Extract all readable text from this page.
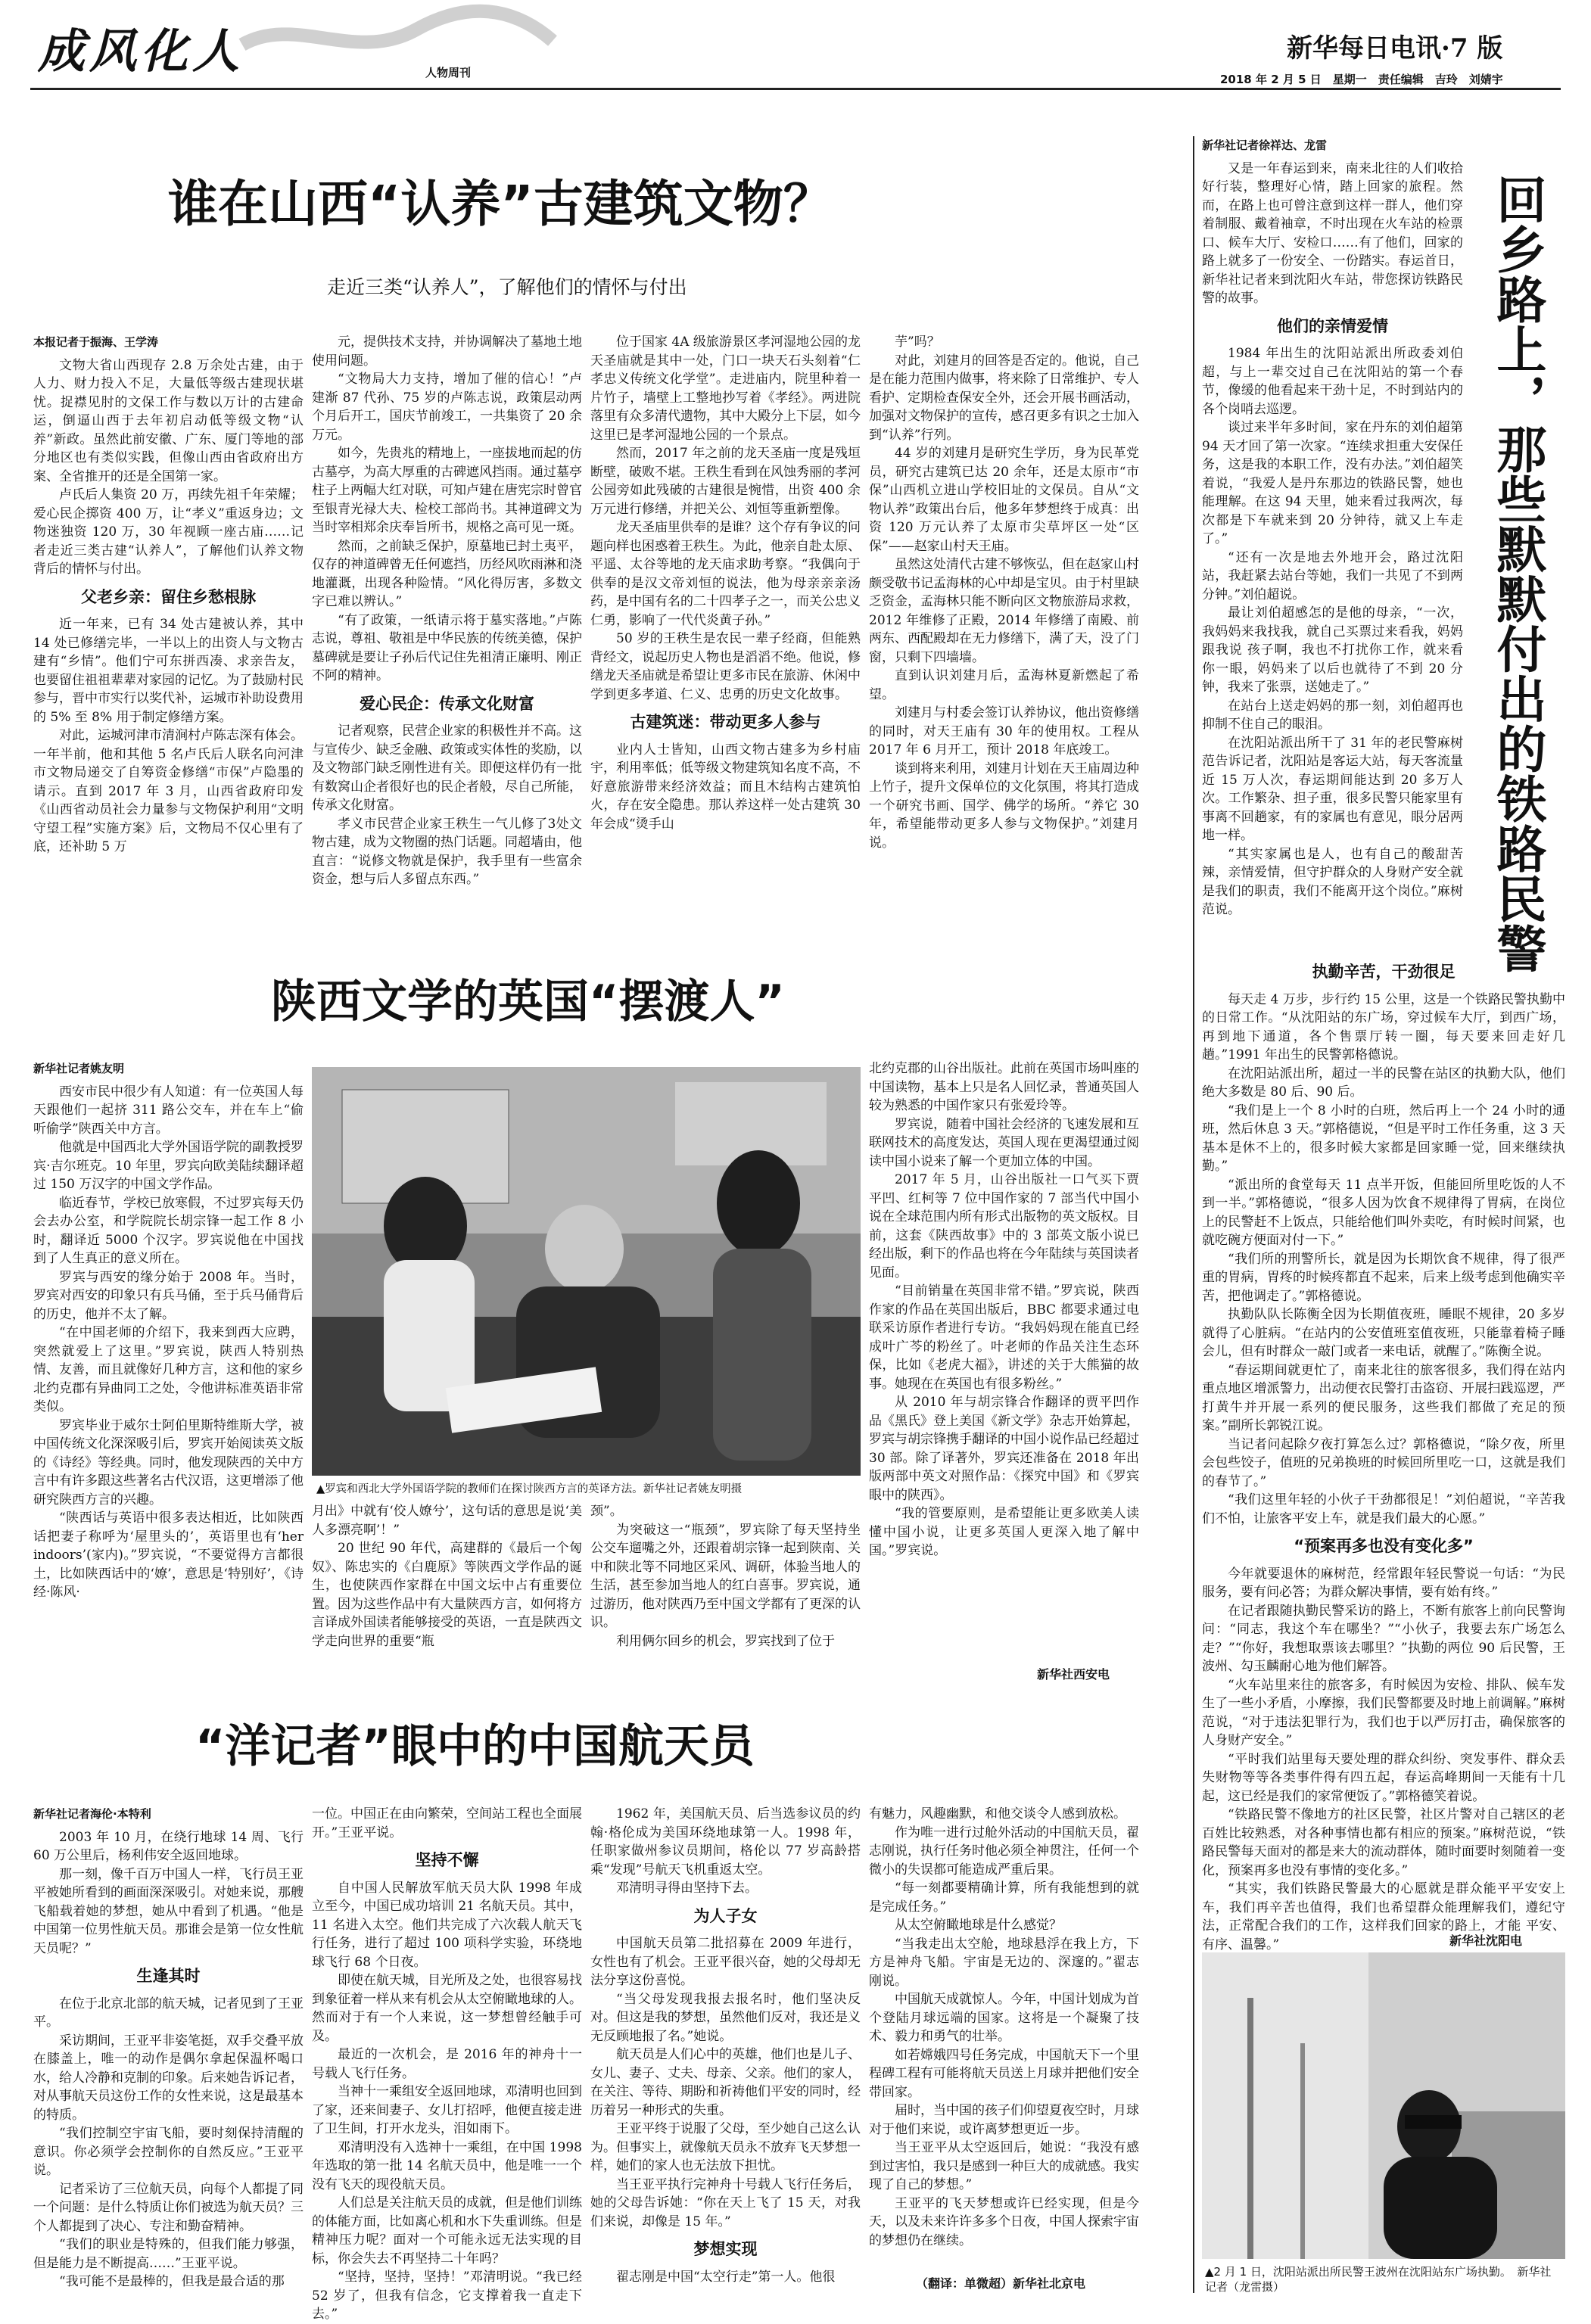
成风化人	人物周刊
新华每日电讯·7 版
2018 年 2 月 5 日　星期一　责任编辑　吉玲　刘婧宇
谁在山西“认养”古建筑文物？
走近三类“认养人”，了解他们的情怀与付出

本报记者于振海、王学涛

文物大省山西现存 2.8 万余处古建，由于人力、财力投入不足，大量低等级古建现状堪忧。捉襟见肘的文保工作与数以万计的古建命运，倒逼山西于去年初启动低等级文物“认养”新政。虽然此前安徽、广东、厦门等地的部分地区也有类似实践，但像山西由省政府出方案、全省推开的还是全国第一家。

卢氏后人集资 20 万，再续先祖千年荣耀；爱心民企掷资 400 万，让“孝义”重返身边；文物迷独资 120 万，30 年视顾一座古庙……记者走近三类古建“认养人”，了解他们认养文物背后的情怀与付出。

父老乡亲：留住乡愁根脉

近一年来，已有 34 处古建被认养，其中 14 处已修缮完毕，一半以上的出资人与文物古建有“乡情”。他们宁可东拼西凑、求亲告友，也要留住祖祖辈辈对家园的记忆。为了鼓励村民参与，晋中市实行以奖代补，运城市补助设费用的 5% 至 8% 用于制定修缮方案。

对此，运城河津市清涧村卢陈志深有体会。一年半前，他和其他 5 名卢氏后人联名向河津市文物局递交了自筹资金修缮“市保”卢隐墨的请示。直到 2017 年 3 月，山西省政府印发《山西省动员社会力量参与文物保护利用“文明守望工程”实施方案》后，文物局不仅心里有了底，还补助 5 万

元，提供技术支持，并协调解决了墓地土地使用问题。

“文物局大力支持，增加了催的信心！”卢建渐 87 代孙、75 岁的卢陈志说，政策层动两个月后开工，国庆节前竣工，一共集资了 20 余万元。

如今，先贵兆的精地上，一座拔地而起的仿古墓亭，为高大厚重的古碑遮风挡雨。通过墓亭柱子上两幅大红对联，可知卢建在唐宪宗时曾官至银青光禄大夫、检校工部尚书。其神道碑文为当时宰相郑余庆奉旨所书，规格之高可见一斑。

然而，之前缺乏保护，原墓地已封土夷平，仅存的神道碑曾无任何遮挡，历经风吹雨淋和浇地灌溉，出现各种险情。“风化得厉害，多数文字已难以辨认。”

“有了政策，一纸请示将于墓实落地。”卢陈志说，尊祖、敬祖是中华民族的传统美德，保护墓碑就是要让子孙后代记住先祖清正廉明、刚正不阿的精神。

爱心民企：传承文化财富

记者观察，民营企业家的积极性并不高。这与宣传少、缺乏金融、政策或实体性的奖励，以及文物部门缺乏刚性进有关。即便这样仍有一批有数窝山企者很好也的民企者般，尽自己所能，传承文化财富。

孝义市民营企业家王秩生一气儿修了3处文物古建，成为文物圈的热门话题。同超墙由，他直言：“说修文物就是保护，我手里有一些富余资金，想与后人多留点东西。”

位于国家 4A 级旅游景区孝河湿地公园的龙天圣庙就是其中一处，门口一块天石头刻着“仁孝忠义传统文化学堂”。走进庙内，院里种着一片竹子，墙壁上工整地抄写着《孝经》。两进院落里有众多清代遗物，其中大殿分上下层，如今这里已是孝河湿地公园的一个景点。

然而，2017 年之前的龙天圣庙一度是残垣断壁，破败不堪。王秩生看到在风蚀秀丽的孝河公园旁如此残破的古建很是惋惜，出资 400 余万元进行修缮，并把关公、刘恒等重新塑像。

龙天圣庙里供奉的是谁？这个存有争议的问题向样也困惑着王秩生。为此，他亲自赴太原、平遥、太谷等地的龙天庙求助考察。“我偶向于供奉的是汉文帝刘恒的说法，他为母亲亲亲汤药，是中国有名的二十四孝子之一，而关公忠义仁勇，影响了一代代炎黄子孙。”

50 岁的王秩生是农民一辈子经商，但能熟背经文，说起历史人物也是滔滔不绝。他说，修缮龙天圣庙就是希望让更多市民在旅游、休闲中学到更多孝道、仁义、忠勇的历史文化故事。

古建筑迷：带动更多人参与

业内人士皆知，山西文物古建多为乡村庙宇，利用率低；低等级文物建筑知名度不高，不好意旅游带来经济效益；而且木结构古建筑怕火，存在安全隐患。那认养这样一处古建筑 30 年会成“烫手山

芋”吗？

对此，刘建月的回答是否定的。他说，自己是在能力范围内做事，将来除了日常维护、专人看护、定期检查保安全外，还会开展书画活动，加强对文物保护的宣传，感召更多有识之士加入到“认养”行列。

44 岁的刘建月是研究生学历，身为民革党员，研究古建筑已达 20 余年，还是太原市“市保”山西机立进山学校旧址的文保员。自从“文物认养”政策出台后，他多年梦想终于成真：出资 120 万元认养了太原市尖草坪区一处“区保”——赵家山村天王庙。

虽然这处清代古建不够恢弘，但在赵家山村颇受敬书记孟海林的心中却是宝贝。由于村里缺乏资金，孟海林只能不断向区文物旅游局求救，2012 年维修了正殿，2014 年修缮了南殿、前两东、西配殿却在无力修缮下，满了天，没了门窗，只剩下四墙墙。

直到认识刘建月后，孟海林夏新燃起了希望。

刘建月与村委会签订认养协议，他出资修缮的同时，对天王庙有 30 年的使用权。工程从 2017 年 6 月开工，预计 2018 年底竣工。

谈到将来利用，刘建月计划在天王庙周边种上竹子，提升文保单位的文化氛围，将其打造成一个研究书画、国学、佛学的场所。“养它 30 年，希望能带动更多人参与文物保护。”刘建月说。

陕西文学的英国“摆渡人”

新华社记者姚友明

西安市民中很少有人知道：有一位英国人每天跟他们一起挤 311 路公交车，并在车上“偷听偷学”陕西关中方言。

他就是中国西北大学外国语学院的副教授罗宾·吉尔班克。10 年里，罗宾向欧美陆续翻译超过 150 万汉字的中国文学作品。

临近春节，学校已放寒假，不过罗宾每天仍会去办公室，和学院院长胡宗锋一起工作 8 小时，翻译近 5000 个汉字。罗宾说他在中国找到了人生真正的意义所在。

罗宾与西安的缘分始于 2008 年。当时，罗宾对西安的印象只有兵马俑，至于兵马俑背后的历史，他并不太了解。

“在中国老师的介绍下，我来到西大应聘，突然就爱上了这里。”罗宾说，陕西人特别热情、友善，而且就像好几种方言，这和他的家乡北约克郡有异曲同工之处，令他讲标准英语非常类似。

罗宾毕业于威尔士阿伯里斯特维斯大学，被中国传统文化深深吸引后，罗宾开始阅读英文版的《诗经》等经典。同时，他发现陕西的关中方言中有许多跟这些著名古代汉语，这更增添了他研究陕西方言的兴趣。

“陕西话与英语中很多表达相近，比如陕西话把妻子称呼为‘屋里头的’，英语里也有‘her indoors’(家内)。”罗宾说，“不要觉得方言都很土，比如陕西话中的‘嫽’，意思是‘特别好’，《诗经·陈风·

▲罗宾和西北大学外国语学院的教师们在探讨陕西方言的英译方法。新华社记者姚友明摄

月出》中就有‘佼人嫽兮’，这句话的意思是说‘美人多漂亮啊’！”

20 世纪 90 年代，高建群的《最后一个匈奴》、陈忠实的《白鹿原》等陕西文学作品的诞生，也使陕西作家群在中国文坛中占有重要位置。因为这些作品中有大量陕西方言，如何将方言译成外国读者能够接受的英语，一直是陕西文学走向世界的重要“瓶

颈”。

为突破这一“瓶颈”，罗宾除了每天坚持坐公交车遛嘴之外，还跟着胡宗锋一起到陕南、关中和陕北等不同地区采风、调研，体验当地人的生活，甚至参加当地人的红白喜事。罗宾说，通过游历，他对陕西乃至中国文学都有了更深的认识。

利用俩尔回乡的机会，罗宾找到了位于

北约克郡的山谷出版社。此前在英国市场叫座的中国读物，基本上只是名人回忆录，普通英国人较为熟悉的中国作家只有张爱玲等。

罗宾说，随着中国社会经济的飞速发展和互联网技术的高度发达，英国人现在更渴望通过阅读中国小说来了解一个更加立体的中国。

2017 年 5 月，山谷出版社一口气买下贾平凹、红柯等 7 位中国作家的 7 部当代中国小说在全球范围内所有形式出版物的英文版权。目前，这套《陕西故事》中的 3 部英文版小说已经出版，剩下的作品也将在今年陆续与英国读者见面。

“目前销量在英国非常不错。”罗宾说，陕西作家的作品在英国出版后，BBC 都要求通过电联采访原作者进行专访。“我妈妈现在能直已经成叶广芩的粉丝了。叶老师的作品关注生态环保，比如《老虎大福》，讲述的关于大熊猫的故事。她现在在英国也有很多粉丝。”

从 2010 年与胡宗锋合作翻译的贾平凹作品《黑氏》登上美国《新文学》杂志开始算起，罗宾与胡宗锋携手翻译的中国小说作品已经超过 30 部。除了译著外，罗宾还准备在 2018 年出版两部中英文对照作品：《探究中国》和《罗宾眼中的陕西》。

“我的管要原则，是希望能让更多欧美人读懂中国小说，让更多英国人更深入地了解中国。”罗宾说。

新华社西安电
“洋记者”眼中的中国航天员

新华社记者海伦·本特利

2003 年 10 月，在绕行地球 14 周、飞行 60 万公里后，杨利伟安全返回地球。

那一刻，像千百万中国人一样，飞行员王亚平被她所看到的画面深深吸引。对她来说，那艘飞船载着她的梦想，她从中看到了机遇。“他是中国第一位男性航天员。那谁会是第一位女性航天员呢？”

生逢其时

在位于北京北部的航天城，记者见到了王亚平。

采访期间，王亚平非姿笔挺，双手交叠平放在膝盖上，唯一的动作是偶尔拿起保温杯喝口水，给人冷静和克制的印象。后来她告诉记者，对从事航天员这份工作的女性来说，这是最基本的特质。

“我们控制空宇宙飞船，要时刻保持清醒的意识。你必须学会控制你的自然反应。”王亚平说。

记者采访了三位航天员，向每个人都提了同一个问题：是什么特质让你们被选为航天员？三个人都提到了决心、专注和勤奋精神。

“我们的职业是特殊的，但我们能力够强，但是能力是不断提高……”王亚平说。

“我可能不是最棒的，但我是最合适的那

一位。中国正在由向繁荣，空间站工程也全面展开。”王亚平说。

坚持不懈

自中国人民解放军航天员大队 1998 年成立至今，中国已成功培训 21 名航天员。其中，11 名进入太空。他们共完成了六次载人航天飞行任务，进行了超过 100 项科学实验，环绕地球飞行 68 个日夜。

即使在航天城，目光所及之处，也很容易找到象征着一样从来有机会从太空俯瞰地球的人。然而对于有一个人来说，这一梦想曾经触手可及。

最近的一次机会，是 2016 年的神舟十一号载人飞行任务。

当神十一乘组安全返回地球，邓清明也回到了家，还来间妻子、女儿打招呼，他便直接走进了卫生间，打开水龙头，泪如雨下。

邓清明没有入选神十一乘组，在中国 1998 年选取的第一批 14 名航天员中，他是唯一一个没有飞天的现役航天员。

人们总是关注航天员的成就，但是他们训练的体能方面，比如离心机和水下失重训练。但是精神压力呢？面对一个可能永远无法实现的目标，你会失去不再坚持二十年吗？

“坚持，坚持，坚持！”邓清明说。“我已经 52 岁了，但我有信念，它支撑着我一直走下去。”

1962 年，美国航天员、后当选参议员的约翰·格伦成为美国环绕地球第一人。1998 年，任职家做州参议员期间，格伦以 77 岁高龄搭乘“发现”号航天飞机重返太空。

邓清明寻得由坚持下去。

为人子女

中国航天员第二批招募在 2009 年进行，女性也有了机会。王亚平很兴奋，她的父母却无法分享这份喜悦。

“当父母发现我报去报名时，他们坚决反对。但这是我的梦想，虽然他们反对，我还是义无反顾地报了名。”她说。

航天员是人们心中的英雄，他们也是儿子、女儿、妻子、丈夫、母亲、父亲。他们的家人，在关注、等待、期盼和祈祷他们平安的同时，经历着另一种形式的失重。

王亚平终于说服了父母，至少她自己这么认为。但事实上，就像航天员永不放弃飞天梦想一样，她们的家人也无法放下担忧。

当王亚平执行完神舟十号载人飞行任务后，她的父母告诉她：“你在天上飞了 15 天，对我们来说，却像是 15 年。”

梦想实现

翟志刚是中国“太空行走”第一人。他很

有魅力，风趣幽默，和他交谈令人感到放松。

作为唯一进行过舱外活动的中国航天员，翟志刚说，执行任务时他必须全神贯注，任何一个微小的失误都可能造成严重后果。

“每一刻都要精确计算，所有我能想到的就是完成任务。”

从太空俯瞰地球是什么感觉？

“当我走出太空舱，地球悬浮在我上方，下方是神舟飞船。宇宙是无边的、深邃的。”翟志刚说。

中国航天成就惊人。今年，中国计划成为首个登陆月球远端的国家。这将是一个凝聚了技术、毅力和勇气的壮举。

如若嫦娥四号任务完成，中国航天下一个里程碑工程有可能将航天员送上月球并把他们安全带回家。

届时，当中国的孩子们仰望夏夜空时，月球对于他们来说，或许离梦想更近一步。

当王亚平从太空返回后，她说：“我没有感到过害怕，我只是感到一种巨大的成就感。我实现了自己的梦想。”

王亚平的飞天梦想或许已经实现，但是今天，以及未来许许多多个日夜，中国人探索宇宙的梦想仍在继续。

（翻译：单微超）新华社北京电

新华社记者徐祥达、龙雷

又是一年春运到来，南来北往的人们收拾好行装，整理好心情，踏上回家的旅程。然而，在路上也可曾注意到这样一群人，他们穿着制服、戴着袖章，不时出现在火车站的检票口、候车大厅、安检口……有了他们，回家的路上就多了一份安全、一份踏实。春运首日，新华社记者来到沈阳火车站，带您探访铁路民警的故事。

他们的亲情爱情

1984 年出生的沈阳站派出所政委刘伯超，与上一辈交过自己在沈阳站的第一个春节，像缓的他看起来干劲十足，不时到站内的各个岗哨去巡逻。

谈过来半年多时间，家在丹东的刘伯超第 94 天才回了第一次家。“连续求担重大安保任务，这是我的本职工作，没有办法。”刘伯超笑着说，“我爱人是丹东那边的铁路民警，她也能理解。在这 94 天里，她来看过我两次，每次都是下车就来到 20 分钟待，就又上车走了。”

“还有一次是地去外地开会，路过沈阳站，我赶紧去站台等她，我们一共见了不到两分钟。”刘伯超说。

最让刘伯超感怎的是他的母亲，“一次，我妈妈来我找我，就自己买票过来看我，妈妈跟我说 孩子啊，我也不打扰你工作，就来看你一眼，妈妈来了以后也就待了不到 20 分钟，我来了张票，送她走了。”

在站台上送走妈妈的那一刻，刘伯超再也抑制不住自己的眼泪。

在沈阳站派出所干了 31 年的老民警麻树范告诉记者，沈阳站是客运大站，每天客流量近 15 万人次，春运期间能达到 20 多万人次。工作繁杂、担子重，很多民警只能家里有事离不回趟家，有的家属也有意见，眼分居两地一样。

“其实家属也是人，也有自己的酸甜苦辣，亲情爱情，但守护群众的人身财产安全就是我们的职责，我们不能离开这个岗位。”麻树范说。	回乡路上，那些默默付出的铁路民警

执勤辛苦，干劲很足

每天走 4 万步，步行约 15 公里，这是一个铁路民警执勤中的日常工作。“从沈阳站的东广场，穿过候车大厅，到西广场，再到地下通道，各个售票厅转一圈，每天要来回走好几趟。”1991 年出生的民警郭格德说。

在沈阳站派出所，超过一半的民警在站区的执勤大队，他们绝大多数是 80 后、90 后。

“我们是上一个 8 小时的白班，然后再上一个 24 小时的通班，然后休息 3 天。”郭格德说，“但是平时工作任务重，这 3 天基本是休不上的，很多时候大家都是回家睡一觉，回来继续执勤。”

“派出所的食堂每天 11 点半开饭，但能回所里吃饭的人不到一半。”郭格德说，“很多人因为饮食不规律得了胃病，在岗位上的民警赶不上饭点，只能给他们叫外卖吃，有时候时间紧，也就吃碗方便面对付一下。”

“我们所的刑警所长，就是因为长期饮食不规律，得了很严重的胃病，胃疼的时候疼都直不起来，后来上级考虑到他确实辛苦，把他调走了。”郭格德说。

执勤队队长陈衡全因为长期值夜班，睡眠不规律，20 多岁就得了心脏病。“在站内的公安值班室值夜班，只能靠着椅子睡会儿，但有时群众一敲门或者一来电话，就醒了。”陈衡全说。

“春运期间就更忙了，南来北往的旅客很多，我们得在站内重点地区增派警力，出动便衣民警打击盗窃、开展扫践巡逻，严打黄牛并开展一系列的便民服务，这些我们都做了充足的预案。”副所长郭锐江说。

当记者问起除夕夜打算怎么过？郭格德说，“除夕夜，所里会包些饺子，值班的兄弟换班的时候回所里吃一口，这就是我们的春节了。”

“我们这里年轻的小伙子干劲都很足！”刘伯超说，“辛苦我们不怕，让旅客平安上车，就是我们最大的心愿。”

“预案再多也没有变化多”

今年就要退休的麻树范，经常跟年轻民警说一句话：“为民服务，要有问必答；为群众解决事情，要有始有终。”

在记者跟随执勤民警采访的路上，不断有旅客上前向民警询问：“同志，我这个车在哪坐？”“小伙子，我要去东广场怎么走？”“你好，我想取票该去哪里？”执勤的两位 90 后民警，王波州、勾玉麟耐心地为他们解答。

“火车站里来往的旅客多，有时候因为安检、排队、候车发生了一些小矛盾，小摩擦，我们民警都要及时地上前调解。”麻树范说，“对于违法犯罪行为，我们也于以严厉打击，确保旅客的人身财产安全。”

“平时我们站里每天要处理的群众纠纷、突发事件、群众丢失财物等等各类事件得有四五起，春运高峰期间一天能有十几起，这已经是我们的家常便饭了。”郭格德笑着说。

“铁路民警不像地方的社区民警，社区片警对自己辖区的老百姓比较熟悉，对各种事情也都有相应的预案。”麻树范说，“铁路民警每天面对的都是来大的流动群体，随时面要时刻随着一变化，预案再多也没有事情的变化多。”

“其实，我们铁路民警最大的心愿就是群众能平平安安上车，我们再辛苦也值得，我们也希望群众能理解我们，遵纪守法，正常配合我们的工作，这样我们回家的路上，才能 平安、有序、温馨。”	新华社沈阳电
▲2 月 1 日，沈阳站派出所民警王波州在沈阳站东广场执勤。　新华社记者（龙雷摄）
